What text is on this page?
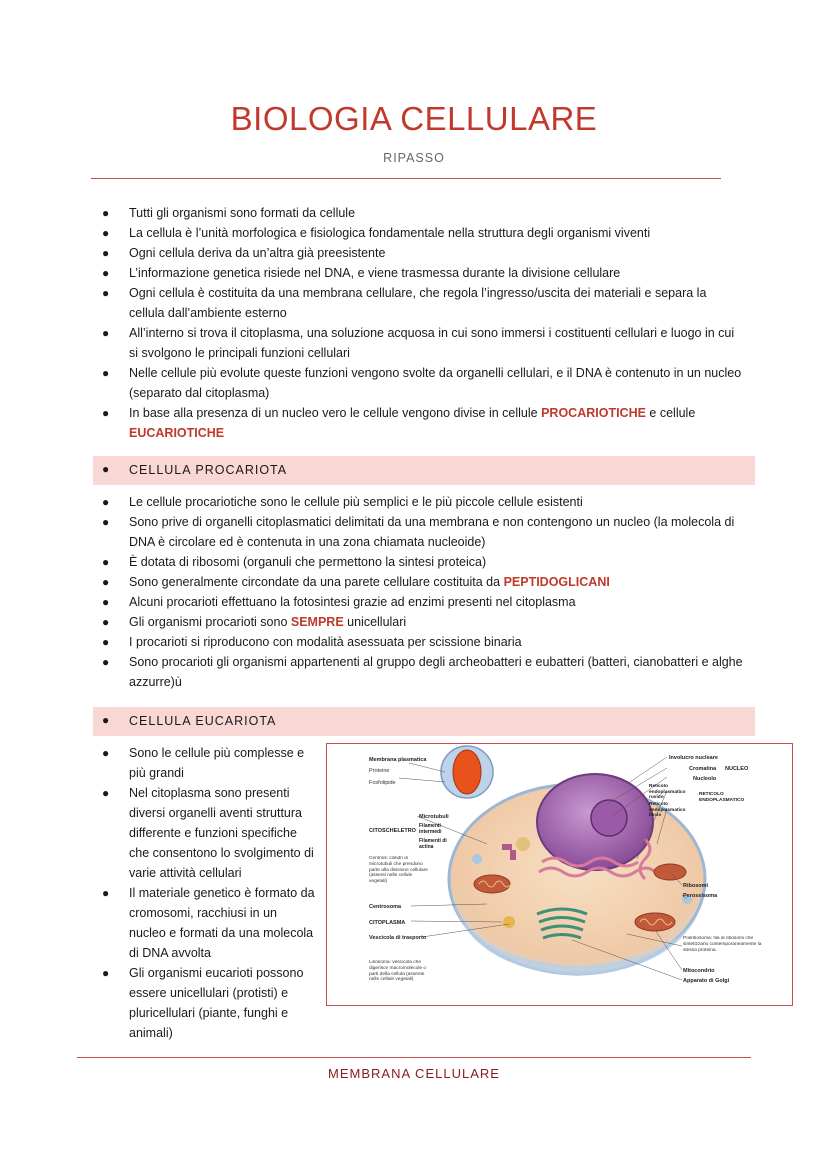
BIOLOGIA CELLULARE
RIPASSO
● Tutti gli organismi sono formati da cellule
● La cellula è l’unità morfologica e fisiologica fondamentale nella struttura degli organismi viventi
● Ogni cellula deriva da un’altra già preesistente
● L’informazione genetica risiede nel DNA, e viene trasmessa durante la divisione cellulare
● Ogni cellula è costituita da una membrana cellulare, che regola l’ingresso/uscita dei materiali e separa la cellula dall’ambiente esterno
● All’interno si trova il citoplasma, una soluzione acquosa in cui sono immersi i costituenti cellulari e luogo in cui si svolgono le principali funzioni cellulari
● Nelle cellule più evolute queste funzioni vengono svolte da organelli cellulari, e il DNA è contenuto in un nucleo (separato dal citoplasma)
● In base alla presenza di un nucleo vero le cellule vengono divise in cellule PROCARIOTICHE e cellule EUCARIOTICHE
● CELLULA PROCARIOTA
● Le cellule procariotiche sono le cellule più semplici e le più piccole cellule esistenti
● Sono prive di organelli citoplasmatici delimitati da una membrana e non contengono un nucleo (la molecola di DNA è circolare ed è contenuta in una zona chiamata nucleoide)
● È dotata di ribosomi (organuli che permettono la sintesi proteica)
● Sono generalmente circondate da una parete cellulare costituita da PEPTIDOGLICANI
● Alcuni procarioti effettuano la fotosintesi grazie ad enzimi presenti nel citoplasma
● Gli organismi procarioti sono SEMPRE unicellulari
● I procarioti si riproducono con modalità asessuata per scissione binaria
● Sono procarioti gli organismi appartenenti al gruppo degli archeobatteri e eubatteri (batteri, cianobatteri e alghe azzurre)ù
● CELLULA EUCARIOTA
● Sono le cellule più complesse e più grandi
● Nel citoplasma sono presenti diversi organelli aventi struttura differente e funzioni specifiche che consentono lo svolgimento di varie attività cellulari
● Il materiale genetico è formato da cromosomi, racchiusi in un nucleo e formati da una molecola di DNA avvolta
● Gli organismi eucarioti possono essere unicellulari (protisti) e pluricellulari (piante, funghi e animali)
Membrana plasmatica
Proteine
Fosfolipide
Microtubuli
CITOSCHELETRO
Filamenti intermedi
Filamenti di actina
Centrioli: cilindri di microtubuli che prendono parte alla divisione cellulare (assenti nelle cellule vegetali)
Centrosoma
CITOPLASMA
Vescicola di trasporto
Lisosoma: vescicola che digerisce macromolecole o parti della cellula (assente nelle cellule vegetali)
Involucro nucleare
Cromatina NUCLEO
Nucleolo
Reticolo endoplasmatico ruvido
Reticolo endoplasmatico liscio
RETICOLO ENDOPLASMATICO
Ribosomi
Perossisoma
Poliribosoma: fila di ribosomi che sintetizzano contemporaneamente la stessa proteina.
Mitocondrio
Apparato di Golgi
MEMBRANA CELLULARE
